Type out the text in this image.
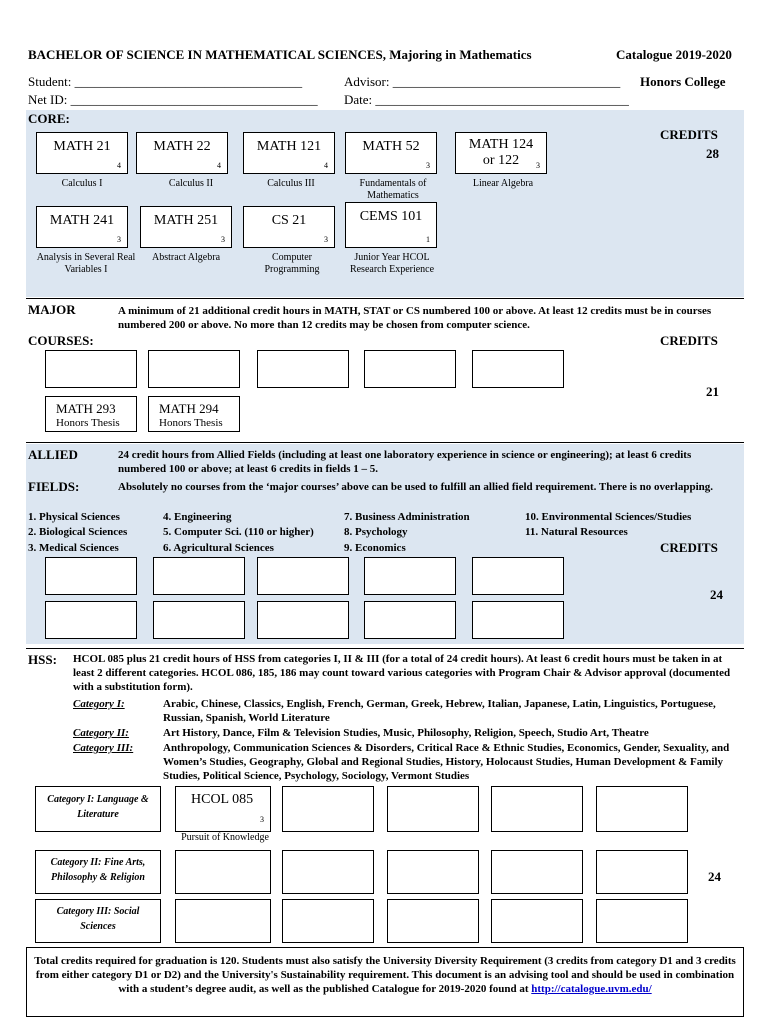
BACHELOR OF SCIENCE IN MATHEMATICAL SCIENCES, Majoring in Mathematics	Catalogue 2019-2020
Student: ___________________________________
Net ID: ______________________________________
Advisor: ___________________________________
Date: _______________________________________
Honors College
CORE:
CREDITS
28
MATH 21
4
Calculus I
MATH 22
4
Calculus II
MATH 121
4
Calculus III
MATH 52
3
Fundamentals of Mathematics
MATH 124 or 122	3
Linear Algebra
MATH 241
3
Analysis in Several Real Variables I
MATH 251
3
Abstract Algebra
CS 21
3
Computer Programming
CEMS 101
1
Junior Year HCOL Research Experience
MAJOR	A minimum of 21 additional credit hours in MATH, STAT or CS numbered 100 or above. At least 12 credits must be in courses numbered 200 or above. No more than 12 credits may be chosen from computer science.
COURSES:	CREDITS
21
MATH 293
Honors Thesis
MATH 294
Honors Thesis
ALLIED
FIELDS:
24 credit hours from Allied Fields (including at least one laboratory experience in science or engineering); at least 6 credits numbered 100 or above; at least 6 credits in fields 1 – 5.
Absolutely no courses from the ‘major courses’ above can be used to fulfill an allied field requirement. There is no overlapping.
1. Physical Sciences
2. Biological Sciences
3. Medical Sciences
4. Engineering
5. Computer Sci. (110 or higher)
6. Agricultural Sciences
7. Business Administration
8. Psychology
9. Economics
10. Environmental Sciences/Studies
11. Natural Resources
CREDITS
24
HSS: HCOL 085 plus 21 credit hours of HSS from categories I, II & III (for a total of 24 credit hours). At least 6 credit hours must be taken in at least 2 different categories. HCOL 086, 185, 186 may count toward various categories with Program Chair & Advisor approval (documented with a substitution form).
Category I:	Arabic, Chinese, Classics, English, French, German, Greek, Hebrew, Italian, Japanese, Latin, Linguistics, Portuguese, Russian, Spanish, World Literature
Category II:	Art History, Dance, Film & Television Studies, Music, Philosophy, Religion, Speech, Studio Art, Theatre
Category III:	Anthropology, Communication Sciences & Disorders, Critical Race & Ethnic Studies, Economics, Gender, Sexuality, and Women’s Studies, Geography, Global and Regional Studies, History, Holocaust Studies, Human Development & Family Studies, Political Science, Psychology, Sociology, Vermont Studies
Category I: Language & Literature
HCOL 085
3
Pursuit of Knowledge
Category II: Fine Arts, Philosophy & Religion	24
Category III: Social Sciences
Total credits required for graduation is 120. Students must also satisfy the University Diversity Requirement (3 credits from category D1 and 3 credits from either category D1 or D2) and the University's Sustainability requirement. This document is an advising tool and should be used in combination with a student’s degree audit, as well as the published Catalogue for 2019-2020 found at http://catalogue.uvm.edu/
